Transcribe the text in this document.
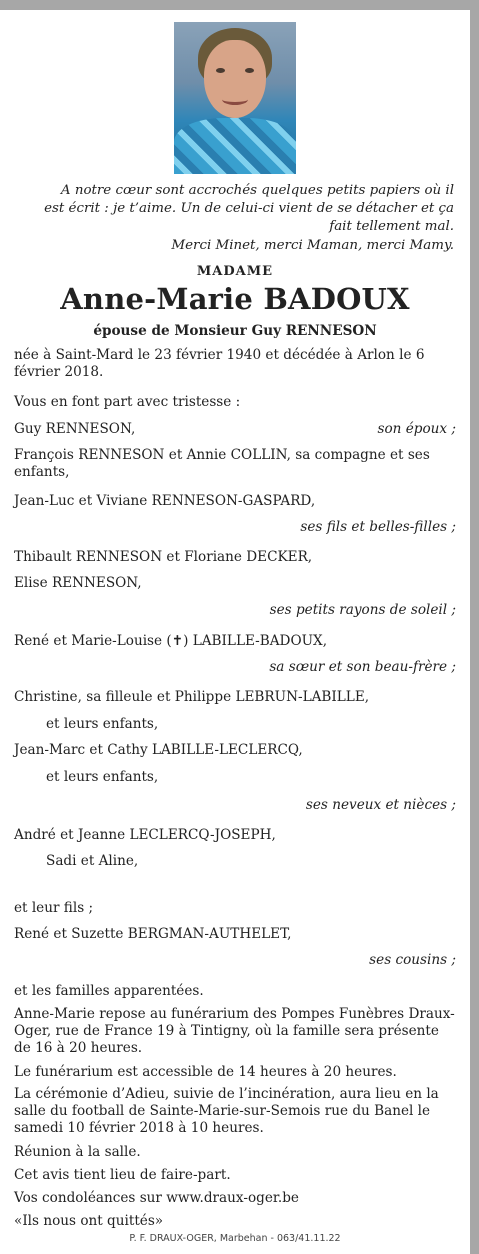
A notre cœur sont accrochés quelques petits papiers où il

est écrit : je t’aime. Un de celui-ci vient de se détacher et ça

fait tellement mal.

Merci Minet, merci Maman, merci Mamy.

MADAME

Anne-Marie BADOUX

épouse de Monsieur Guy RENNESON

née à Saint-Mard le 23 février 1940 et décédée à Arlon le 6 février 2018.

Vous en font part avec tristesse :

Guy RENNESON,	son époux ;

François RENNESON et Annie COLLIN, sa compagne et ses enfants,

Jean-Luc et Viviane RENNESON-GASPARD,

ses fils et belles-filles ;

Thibault RENNESON et Floriane DECKER,

Elise RENNESON,

ses petits rayons de soleil ;

René et Marie-Louise (✝) LABILLE-BADOUX,

sa sœur et son beau-frère ;

Christine, sa filleule et Philippe LEBRUN-LABILLE,

et leurs enfants,

Jean-Marc et Cathy LABILLE-LECLERCQ,

et leurs enfants,

ses neveux et nièces ;

André et Jeanne LECLERCQ-JOSEPH,

Sadi et Aline,

et leur fils ;

René et Suzette BERGMAN-AUTHELET,

ses cousins ;

et les familles apparentées.

Anne-Marie repose au funérarium des Pompes Funèbres Draux-Oger, rue de France 19 à Tintigny, où la famille sera présente de 16 à 20 heures.

Le funérarium est accessible de 14 heures à 20 heures.

La cérémonie d’Adieu, suivie de l’incinération, aura lieu en la salle du football de Sainte-Marie-sur-Semois rue du Banel le samedi 10 février 2018 à 10 heures.

Réunion à la salle.

Cet avis tient lieu de faire-part.

Vos condoléances sur www.draux-oger.be

«Ils nous ont quittés»

P. F. DRAUX-OGER, Marbehan - 063/41.11.22
